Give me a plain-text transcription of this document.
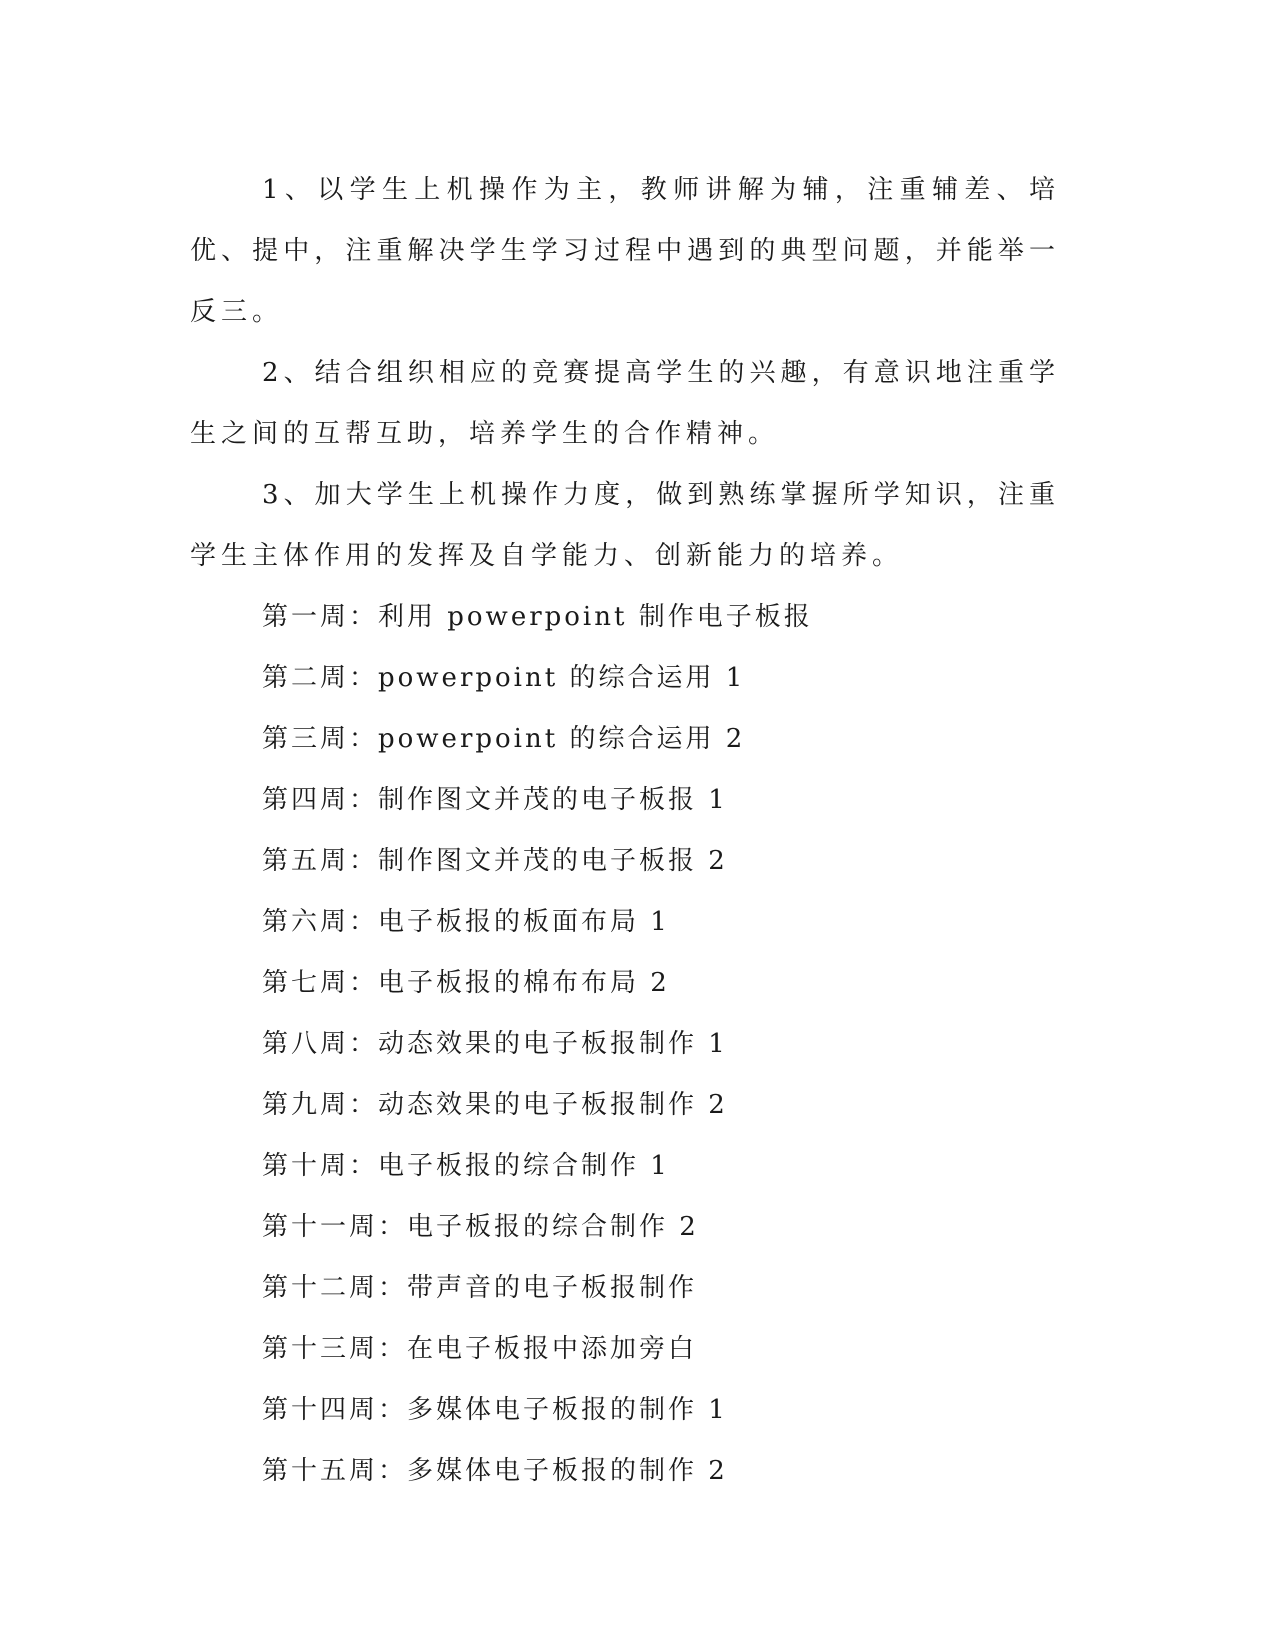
1、以学生上机操作为主，教师讲解为辅，注重辅差、培优、提中，注重解决学生学习过程中遇到的典型问题，并能举一反三。

2、结合组织相应的竞赛提高学生的兴趣，有意识地注重学生之间的互帮互助，培养学生的合作精神。

3、加大学生上机操作力度，做到熟练掌握所学知识，注重学生主体作用的发挥及自学能力、创新能力的培养。

第一周：利用 powerpoint 制作电子板报
第二周：powerpoint 的综合运用 1
第三周：powerpoint 的综合运用 2
第四周：制作图文并茂的电子板报 1
第五周：制作图文并茂的电子板报 2
第六周：电子板报的板面布局 1
第七周：电子板报的棉布布局 2
第八周：动态效果的电子板报制作 1
第九周：动态效果的电子板报制作 2
第十周：电子板报的综合制作 1
第十一周：电子板报的综合制作 2
第十二周：带声音的电子板报制作
第十三周：在电子板报中添加旁白
第十四周：多媒体电子板报的制作 1
第十五周：多媒体电子板报的制作 2
